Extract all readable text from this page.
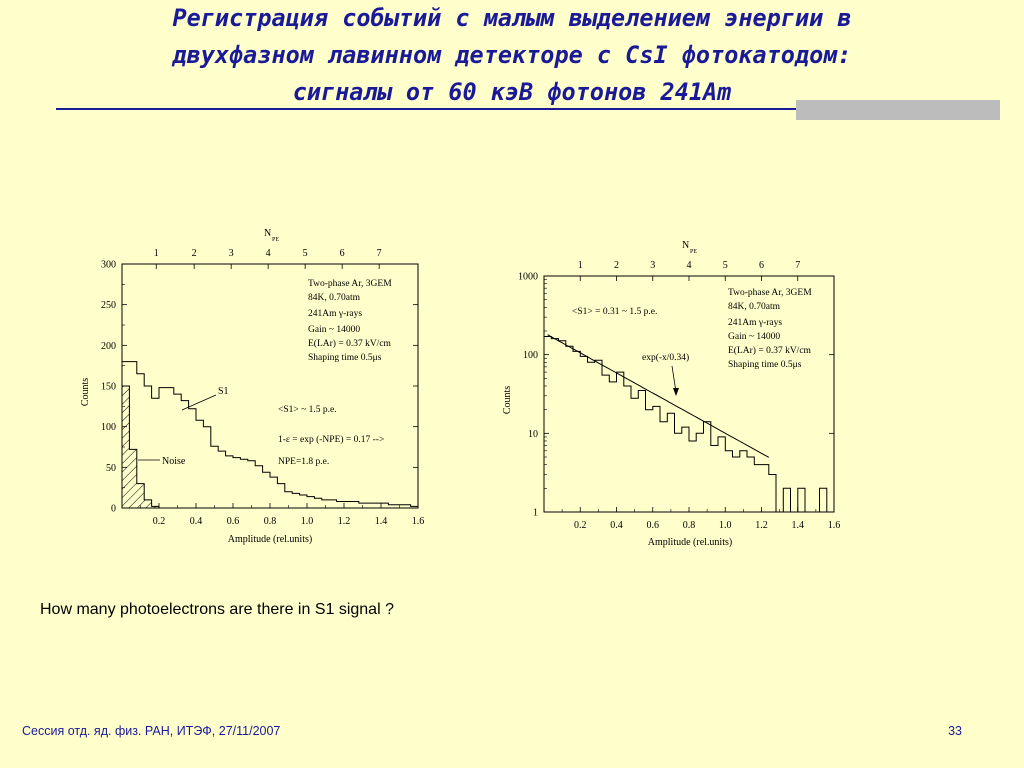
Регистрация событий с малым выделением энергии в
двухфазном лавинном детекторе с CsI фотокатодом:
сигналы от 60 кэВ фотонов 241Am
0.2 0.4 0.6 0.8 1.0 1.2 1.4 1.6
0
50
100
150
200
250
300
1	2	3	4	5	6	7
N
PE
Amplitude (rel.units)
Counts
Two-phase Ar, 3GEM
84K, 0.70atm
241Am γ-rays
Gain ~ 14000
E(LAr) = 0.37 kV/cm
Shaping time 0.5μs
<S1> ~ 1.5 p.e.
1-ε = exp (-NPE) = 0.17 -->
NPE=1.8 p.e.
S1
Noise
0.2 0.4 0.6 0.8 1.0 1.2 1.4 1.6
1
10
100
1000
1	2	3	4	5	6	7
N
PE
Amplitude (rel.units)
Counts
Two-phase Ar, 3GEM
84K, 0.70atm
241Am γ-rays
Gain ~ 14000
E(LAr) = 0.37 kV/cm
Shaping time 0.5μs
<S1> = 0.31 ~ 1.5 p.e.
exp(-x/0.34)
How many photoelectrons are there in S1 signal ?
Сессия отд. яд. физ. РАН, ИТЭФ, 27/11/2007	33
